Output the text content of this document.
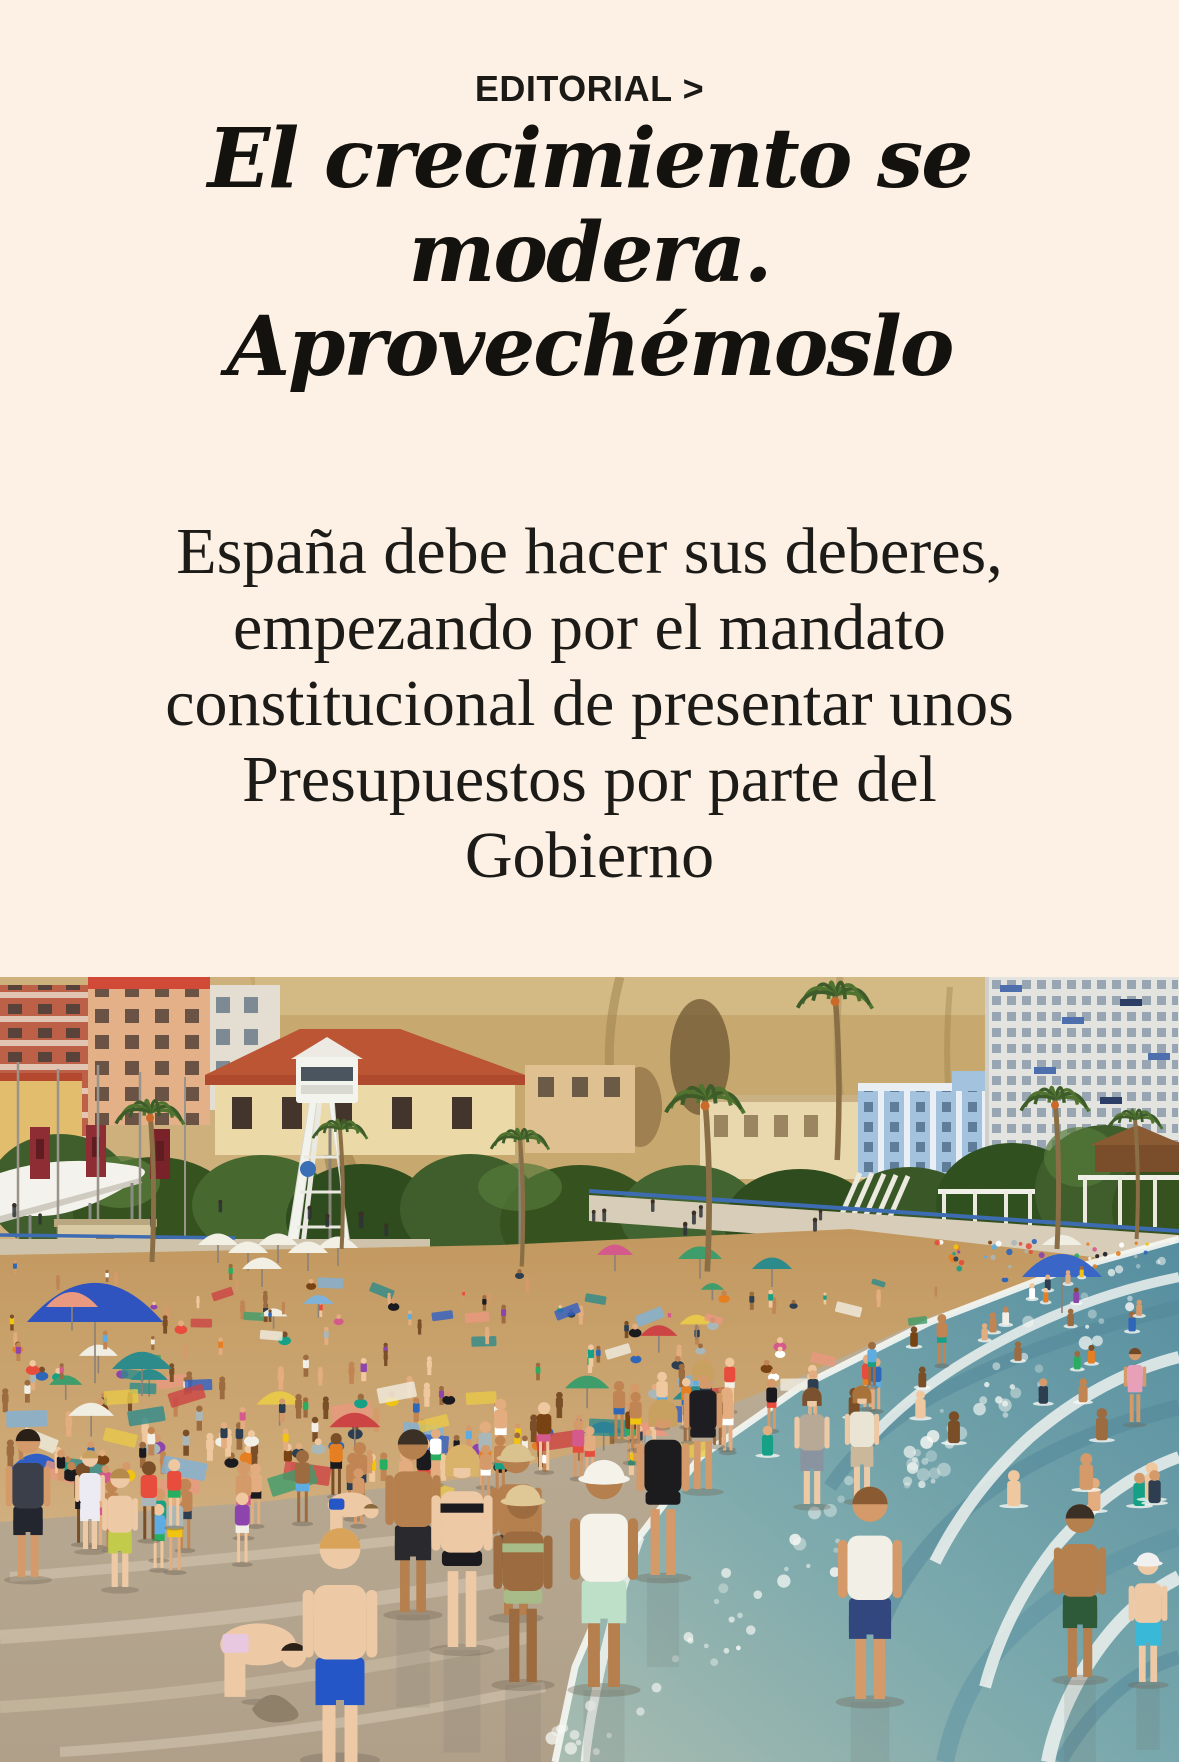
EDITORIAL >
El crecimiento se
modera.
Aprovechémoslo

España debe hacer sus deberes,
empezando por el mandato
constitucional de presentar unos
Presupuestos por parte del
Gobierno
